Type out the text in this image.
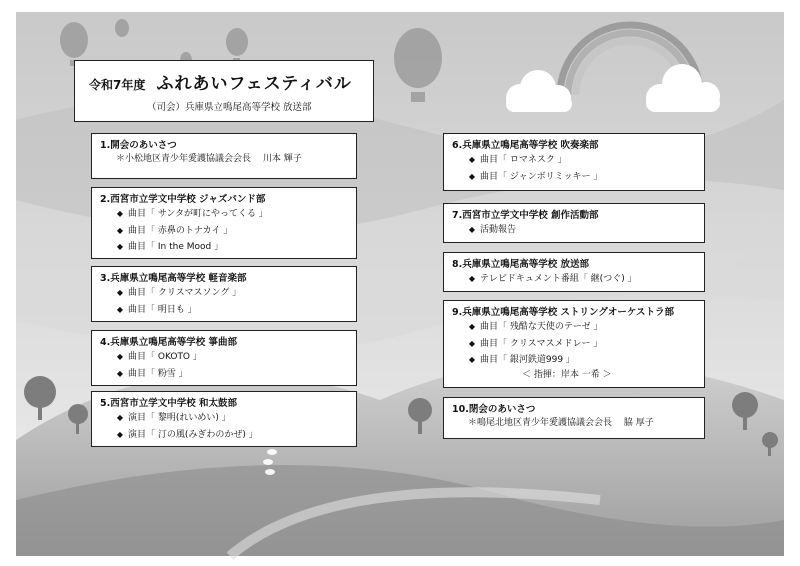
令和7年度 ふれあいフェスティバル
（司会）兵庫県立鳴尾高等学校 放送部
1.開会のあいさつ
＊小松地区青少年愛護協議会会長　 川本 輝子
2.西宮市立学文中学校 ジャズバンド部
◆ 曲目「 サンタが町にやってくる 」
◆ 曲目「 赤鼻のトナカイ 」
◆ 曲目「 In the Mood 」
3.兵庫県立鳴尾高等学校 軽音楽部
◆ 曲目「 クリスマスソング 」
◆ 曲目「 明日も 」
4.兵庫県立鳴尾高等学校 箏曲部
◆ 曲目「 OKOTO 」
◆ 曲目「 粉雪 」
5.西宮市立学文中学校 和太鼓部
◆ 演目「 黎明(れいめい) 」
◆ 演目「 汀の風(みぎわのかぜ) 」
6.兵庫県立鳴尾高等学校 吹奏楽部
◆ 曲目「 ロマネスク 」
◆ 曲目「 ジャンボリミッキー 」
7.西宮市立学文中学校 創作活動部
◆ 活動報告
8.兵庫県立鳴尾高等学校 放送部
◆ テレビドキュメント番組「 継(つぐ) 」
9.兵庫県立鳴尾高等学校 ストリングオーケストラ部
◆ 曲目「 残酷な天使のテーゼ 」
◆ 曲目「 クリスマスメドレー 」
◆ 曲目「 銀河鉄道999 」
＜ 指揮：岸本 一希 ＞
10.閉会のあいさつ
＊鳴尾北地区青少年愛護協議会会長　 脇 厚子
